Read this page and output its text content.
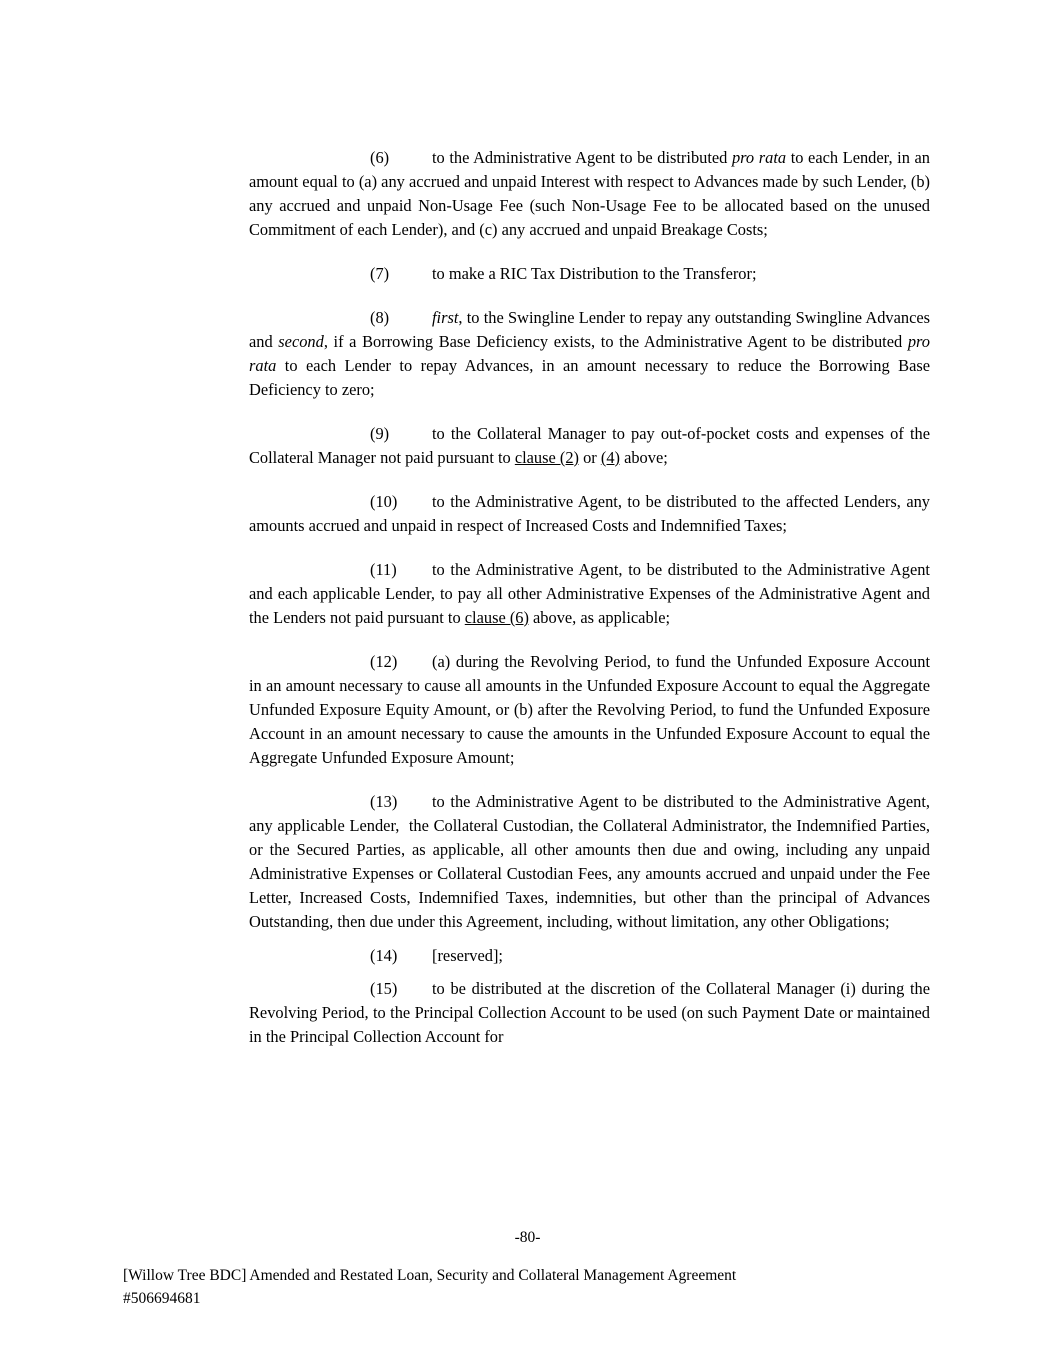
(6)	to the Administrative Agent to be distributed pro rata to each Lender, in an amount equal to (a) any accrued and unpaid Interest with respect to Advances made by such Lender, (b) any accrued and unpaid Non-Usage Fee (such Non-Usage Fee to be allocated based on the unused Commitment of each Lender), and (c) any accrued and unpaid Breakage Costs;

(7)	to make a RIC Tax Distribution to the Transferor;

(8)	first, to the Swingline Lender to repay any outstanding Swingline Advances and second, if a Borrowing Base Deficiency exists, to the Administrative Agent to be distributed pro rata to each Lender to repay Advances, in an amount necessary to reduce the Borrowing Base Deficiency to zero;

(9)	to the Collateral Manager to pay out-of-pocket costs and expenses of the Collateral Manager not paid pursuant to clause (2) or (4) above;

(10) to the Administrative Agent, to be distributed to the affected Lenders, any amounts accrued and unpaid in respect of Increased Costs and Indemnified Taxes;

(11) to the Administrative Agent, to be distributed to the Administrative Agent and each applicable Lender, to pay all other Administrative Expenses of the Administrative Agent and the Lenders not paid pursuant to clause (6) above, as applicable;

(12) (a) during the Revolving Period, to fund the Unfunded Exposure Account in an amount necessary to cause all amounts in the Unfunded Exposure Account to equal the Aggregate Unfunded Exposure Equity Amount, or (b) after the Revolving Period, to fund the Unfunded Exposure Account in an amount necessary to cause the amounts in the Unfunded Exposure Account to equal the Aggregate Unfunded Exposure Amount;

(13) to the Administrative Agent to be distributed to the Administrative Agent, any applicable Lender,  the Collateral Custodian, the Collateral Administrator, the Indemnified Parties, or the Secured Parties, as applicable, all other amounts then due and owing, including any unpaid Administrative Expenses or Collateral Custodian Fees, any amounts accrued and unpaid under the Fee Letter, Increased Costs, Indemnified Taxes, indemnities, but other than the principal of Advances Outstanding, then due under this Agreement, including, without limitation, any other Obligations;

(14) [reserved];

(15) to be distributed at the discretion of the Collateral Manager (i) during the Revolving Period, to the Principal Collection Account to be used (on such Payment Date or maintained in the Principal Collection Account for

-80-
[Willow Tree BDC] Amended and Restated Loan, Security and Collateral Management Agreement
#506694681
